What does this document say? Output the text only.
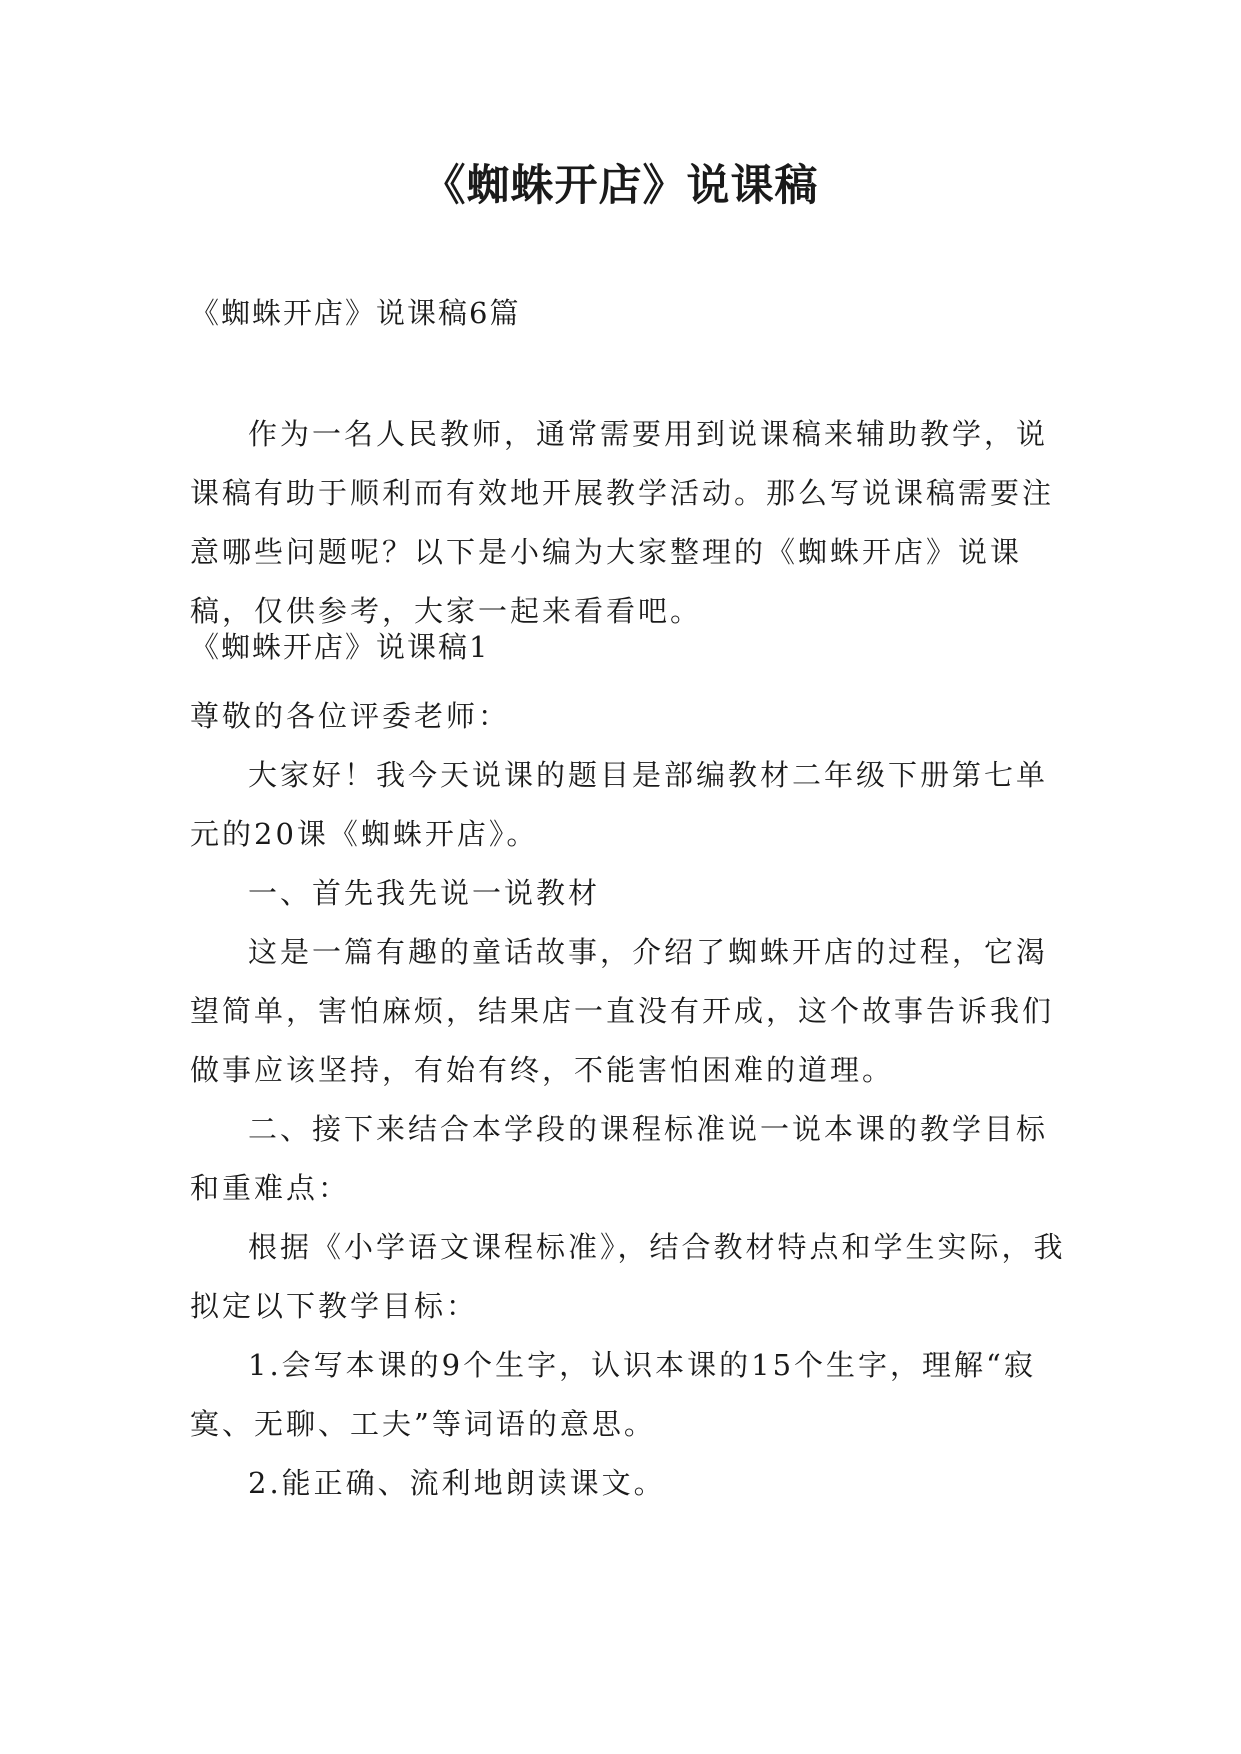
《蜘蛛开店》说课稿
《蜘蛛开店》说课稿6篇

作为一名人民教师，通常需要用到说课稿来辅助教学，说课稿有助于顺利而有效地开展教学活动。那么写说课稿需要注意哪些问题呢？以下是小编为大家整理的《蜘蛛开店》说课稿，仅供参考，大家一起来看看吧。

《蜘蛛开店》说课稿1

尊敬的各位评委老师：

大家好！我今天说课的题目是部编教材二年级下册第七单元的20课《蜘蛛开店》。

一、首先我先说一说教材

这是一篇有趣的童话故事，介绍了蜘蛛开店的过程，它渴望简单，害怕麻烦，结果店一直没有开成，这个故事告诉我们做事应该坚持，有始有终，不能害怕困难的道理。

二、接下来结合本学段的课程标准说一说本课的教学目标和重难点：

根据《小学语文课程标准》，结合教材特点和学生实际，我拟定以下教学目标：

1.会写本课的9个生字，认识本课的15个生字，理解“寂寞、无聊、工夫”等词语的意思。

2.能正确、流利地朗读课文。
